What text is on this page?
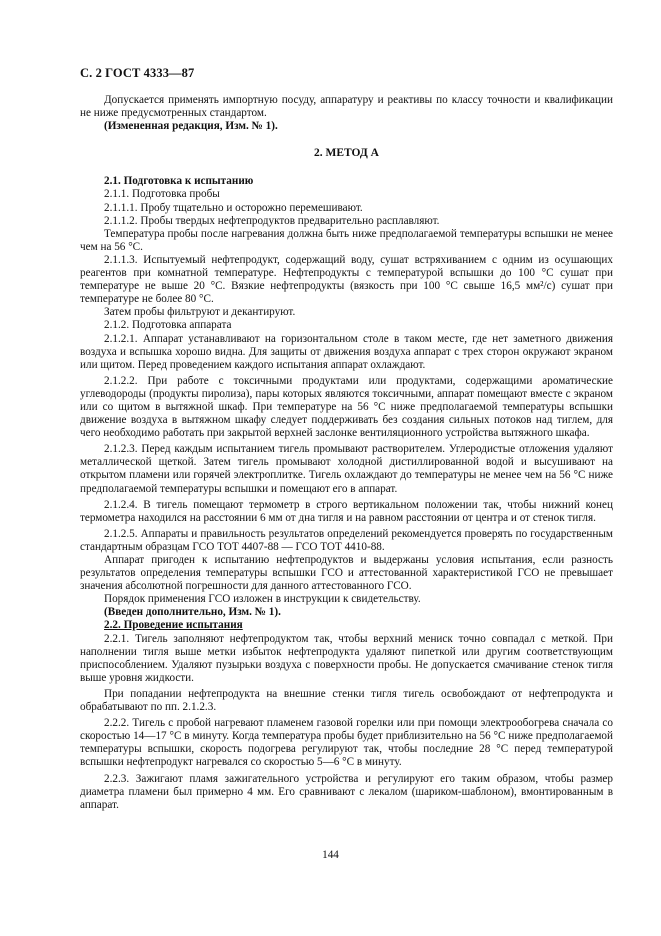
С. 2 ГОСТ 4333—87

Допускается применять импортную посуду, аппаратуру и реактивы по классу точности и квалификации не ниже предусмотренных стандартом.

(Измененная редакция, Изм. № 1).

2. МЕТОД А

2.1. Подготовка к испытанию

2.1.1. Подготовка пробы

2.1.1.1. Пробу тщательно и осторожно перемешивают.

2.1.1.2. Пробы твердых нефтепродуктов предварительно расплавляют.

Температура пробы после нагревания должна быть ниже предполагаемой температуры вспышки не менее чем на 56 °С.

2.1.1.3. Испытуемый нефтепродукт, содержащий воду, сушат встряхиванием с одним из осушающих реагентов при комнатной температуре. Нефтепродукты с температурой вспышки до 100 °С сушат при температуре не выше 20 °С. Вязкие нефтепродукты (вязкость при 100 °С свыше 16,5 мм²/с) сушат при температуре не более 80 °С.

Затем пробы фильтруют и декантируют.

2.1.2. Подготовка аппарата

2.1.2.1. Аппарат устанавливают на горизонтальном столе в таком месте, где нет заметного движения воздуха и вспышка хорошо видна. Для защиты от движения воздуха аппарат с трех сторон окружают экраном или щитом. Перед проведением каждого испытания аппарат охлаждают.

2.1.2.2. При работе с токсичными продуктами или продуктами, содержащими ароматические углеводороды (продукты пиролиза), пары которых являются токсичными, аппарат помещают вместе с экраном или со щитом в вытяжной шкаф. При температуре на 56 °С ниже предполагаемой температуры вспышки движение воздуха в вытяжном шкафу следует поддерживать без создания сильных потоков над тиглем, для чего необходимо работать при закрытой верхней заслонке вентиляционного устройства вытяжного шкафа.

2.1.2.3. Перед каждым испытанием тигель промывают растворителем. Углеродистые отложения удаляют металлической щеткой. Затем тигель промывают холодной дистиллированной водой и высушивают на открытом пламени или горячей электроплитке. Тигель охлаждают до температуры не менее чем на 56 °С ниже предполагаемой температуры вспышки и помещают его в аппарат.

2.1.2.4. В тигель помещают термометр в строго вертикальном положении так, чтобы нижний конец термометра находился на расстоянии 6 мм от дна тигля и на равном расстоянии от центра и от стенок тигля.

2.1.2.5. Аппараты и правильность результатов определений рекомендуется проверять по государственным стандартным образцам ГСО ТОТ 4407-88 — ГСО ТОТ 4410-88.

Аппарат пригоден к испытанию нефтепродуктов и выдержаны условия испытания, если разность результатов определения температуры вспышки ГСО и аттестованной характеристикой ГСО не превышает значения абсолютной погрешности для данного аттестованного ГСО.

Порядок применения ГСО изложен в инструкции к свидетельству.

(Введен дополнительно, Изм. № 1).

2.2. Проведение испытания

2.2.1. Тигель заполняют нефтепродуктом так, чтобы верхний мениск точно совпадал с меткой. При наполнении тигля выше метки избыток нефтепродукта удаляют пипеткой или другим соответствующим приспособлением. Удаляют пузырьки воздуха с поверхности пробы. Не допускается смачивание стенок тигля выше уровня жидкости.

При попадании нефтепродукта на внешние стенки тигля тигель освобождают от нефтепродукта и обрабатывают по пп. 2.1.2.3.

2.2.2. Тигель с пробой нагревают пламенем газовой горелки или при помощи электрообогрева сначала со скоростью 14—17 °С в минуту. Когда температура пробы будет приблизительно на 56 °С ниже предполагаемой температуры вспышки, скорость подогрева регулируют так, чтобы последние 28 °С перед температурой вспышки нефтепродукт нагревался со скоростью 5—6 °С в минуту.

2.2.3. Зажигают пламя зажигательного устройства и регулируют его таким образом, чтобы размер диаметра пламени был примерно 4 мм. Его сравнивают с лекалом (шариком-шаблоном), вмонтированным в аппарат.

144
